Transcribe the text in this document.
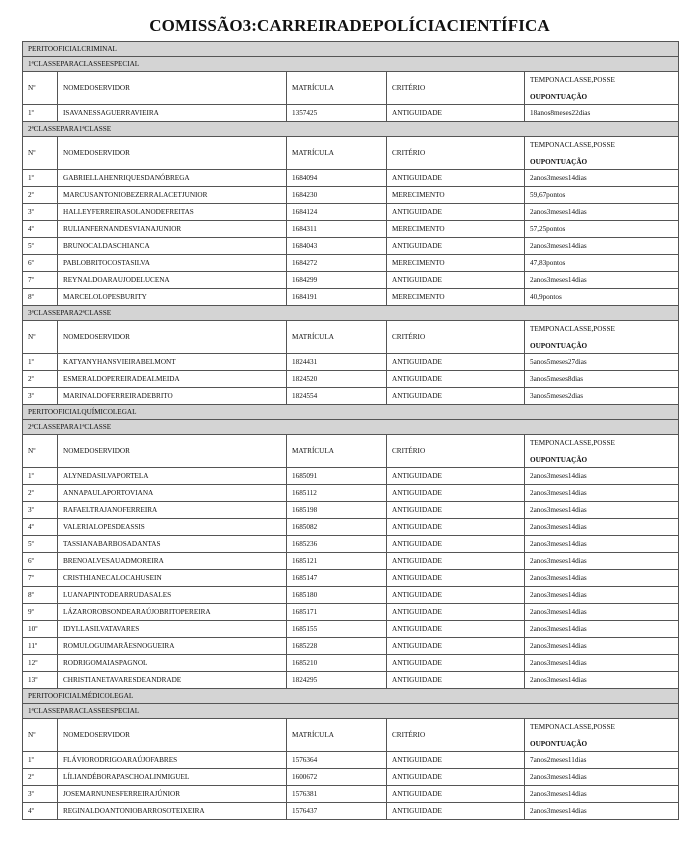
COMISSÃO3:CARREIRADEPOLÍCIACIENTÍFICA
PERITOOFICIALCRIMINAL				
1ªCLASSEPARACLASSEESPECIAL				
Nº	NOMEDOSERVIDOR	MATRÍCULA	CRITÉRIO	TEMPONACLASSE,POSSE
OUPONTUAÇÃO

1º	ISAVANESSAGUERRAVIEIRA	1357425	ANTIGUIDADE	18anos8meses22dias
2ªCLASSEPARA1ªCLASSE				
Nº	NOMEDOSERVIDOR	MATRÍCULA	CRITÉRIO	TEMPONACLASSE,POSSE
OUPONTUAÇÃO

1º	GABRIELLAHENRIQUESDANÓBREGA	1684094	ANTIGUIDADE	2anos3meses14dias
2º	MARCUSANTONIOBEZERRALACETJUNIOR	1684230	MERECIMENTO	59,67pontos
3º	HALLEYFERREIRASOLANODEFREITAS	1684124	ANTIGUIDADE	2anos3meses14dias
4º	RULIANFERNANDESVIANAJUNIOR	1684311	MERECIMENTO	57,25pontos
5º	BRUNOCALDASCHIANCA	1684043	ANTIGUIDADE	2anos3meses14dias
6º	PABLOBRITOCOSTASILVA	1684272	MERECIMENTO	47,83pontos
7º	REYNALDOARAUJODELUCENA	1684299	ANTIGUIDADE	2anos3meses14dias
8º	MARCELOLOPESBURITY	1684191	MERECIMENTO	40,9pontos
3ªCLASSEPARA2ªCLASSE				
Nº	NOMEDOSERVIDOR	MATRÍCULA	CRITÉRIO	TEMPONACLASSE,POSSE
OUPONTUAÇÃO

1º	KATYANYHANSVIEIRABELMONT	1824431	ANTIGUIDADE	5anos5meses27dias
2º	ESMERALDOPEREIRADEALMEIDA	1824520	ANTIGUIDADE	3anos5meses8dias
3º	MARINALDOFERREIRADEBRITO	1824554	ANTIGUIDADE	3anos5meses2dias
PERITOOFICIALQUÍMICOLEGAL				
2ªCLASSEPARA1ªCLASSE				
Nº	NOMEDOSERVIDOR	MATRÍCULA	CRITÉRIO	TEMPONACLASSE,POSSE
OUPONTUAÇÃO

1º	ALYNEDASILVAPORTELA	1685091	ANTIGUIDADE	2anos3meses14dias
2º	ANNAPAULAPORTOVIANA	1685112	ANTIGUIDADE	2anos3meses14dias
3º	RAFAELTRAJANOFERREIRA	1685198	ANTIGUIDADE	2anos3meses14dias
4º	VALERIALOPESDEASSIS	1685082	ANTIGUIDADE	2anos3meses14dias
5º	TASSIANABARBOSADANTAS	1685236	ANTIGUIDADE	2anos3meses14dias
6º	BRENOALVESAUADMOREIRA	1685121	ANTIGUIDADE	2anos3meses14dias
7º	CRISTHIANECALOCAHUSEIN	1685147	ANTIGUIDADE	2anos3meses14dias
8º	LUANAPINTODEARRUDASALES	1685180	ANTIGUIDADE	2anos3meses14dias
9º	LÁZAROROBSONDEARAÚJOBRITOPEREIRA	1685171	ANTIGUIDADE	2anos3meses14dias
10º	IDYLLASILVATAVARES	1685155	ANTIGUIDADE	2anos3meses14dias
11º	ROMULOGUIMARÃESNOGUEIRA	1685228	ANTIGUIDADE	2anos3meses14dias
12º	RODRIGOMAIASPAGNOL	1685210	ANTIGUIDADE	2anos3meses14dias
13º	CHRISTIANETAVARESDEANDRADE	1824295	ANTIGUIDADE	2anos3meses14dias
PERITOOFICIALMÉDICOLEGAL				
1ªCLASSEPARACLASSEESPECIAL				
Nº	NOMEDOSERVIDOR	MATRÍCULA	CRITÉRIO	TEMPONACLASSE,POSSE
OUPONTUAÇÃO

1º	FLÁVIORODRIGOARAÚJOFABRES	1576364	ANTIGUIDADE	7anos2meses11dias
2º	LÍLIANDÉBORAPASCHOALINMIGUEL	1600672	ANTIGUIDADE	2anos3meses14dias
3º	JOSEMARNUNESFERREIRAJÚNIOR	1576381	ANTIGUIDADE	2anos3meses14dias
4º	REGINALDOANTONIOBARROSOTEIXEIRA	1576437	ANTIGUIDADE	2anos3meses14dias
